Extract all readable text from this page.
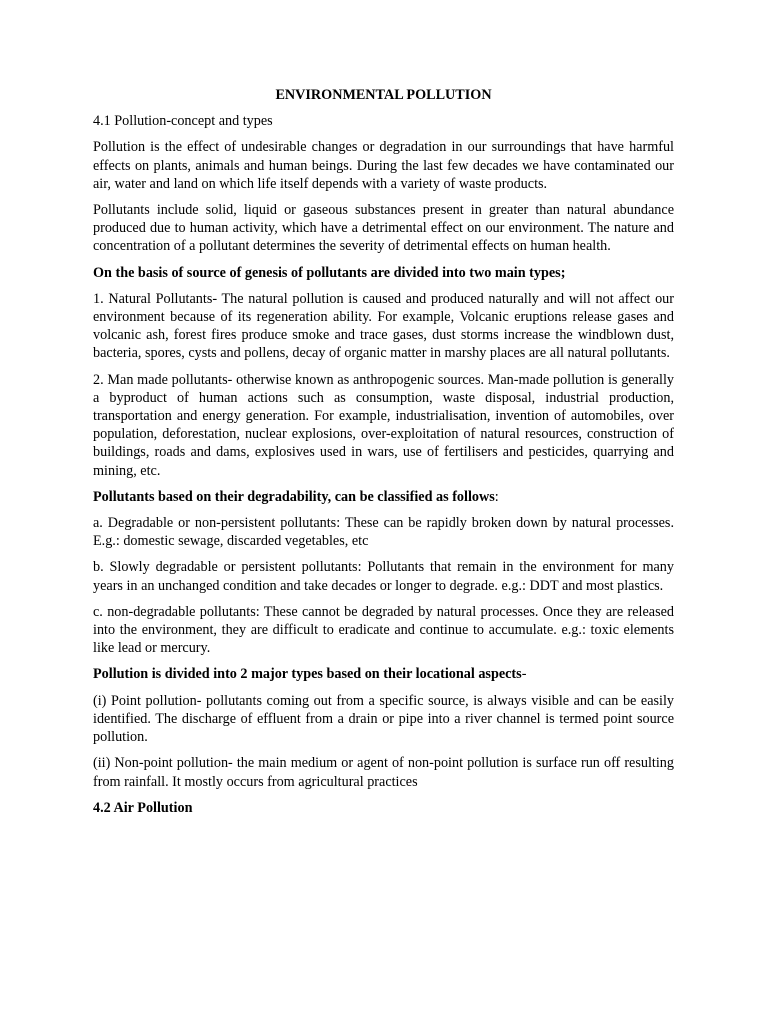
ENVIRONMENTAL POLLUTION
4.1 Pollution-concept and types

Pollution is the effect of undesirable changes or degradation in our surroundings that have harmful effects on plants, animals and human beings. During the last few decades we have contaminated our air, water and land on which life itself depends with a variety of waste products.

Pollutants include solid, liquid or gaseous substances present in greater than natural abundance produced due to human activity, which have a detrimental effect on our environment. The nature and concentration of a pollutant determines the severity of detrimental effects on human health.

On the basis of source of genesis of pollutants are divided into two main types;

1. Natural Pollutants- The natural pollution is caused and produced naturally and will not affect our environment because of its regeneration ability. For example, Volcanic eruptions release gases and volcanic ash, forest fires produce smoke and trace gases, dust storms increase the windblown dust, bacteria, spores, cysts and pollens, decay of organic matter in marshy places are all natural pollutants.

2. Man made pollutants- otherwise known as anthropogenic sources. Man-made pollution is generally a byproduct of human actions such as consumption, waste disposal, industrial production, transportation and energy generation. For example, industrialisation, invention of automobiles, over population, deforestation, nuclear explosions, over-exploitation of natural resources, construction of buildings, roads and dams, explosives used in wars, use of fertilisers and pesticides, quarrying and mining, etc.

Pollutants based on their degradability, can be classified as follows:

a. Degradable or non-persistent pollutants: These can be rapidly broken down by natural processes. E.g.: domestic sewage, discarded vegetables, etc

b. Slowly degradable or persistent pollutants: Pollutants that remain in the environment for many years in an unchanged condition and take decades or longer to degrade. e.g.: DDT and most plastics.

c. non-degradable pollutants: These cannot be degraded by natural processes. Once they are released into the environment, they are difficult to eradicate and continue to accumulate. e.g.: toxic elements like lead or mercury.

Pollution is divided into 2 major types based on their locational aspects-

(i) Point pollution- pollutants coming out from a specific source, is always visible and can be easily identified. The discharge of effluent from a drain or pipe into a river channel is termed point source pollution.

(ii) Non-point pollution- the main medium or agent of non-point pollution is surface run off resulting from rainfall. It mostly occurs from agricultural practices

4.2 Air Pollution
